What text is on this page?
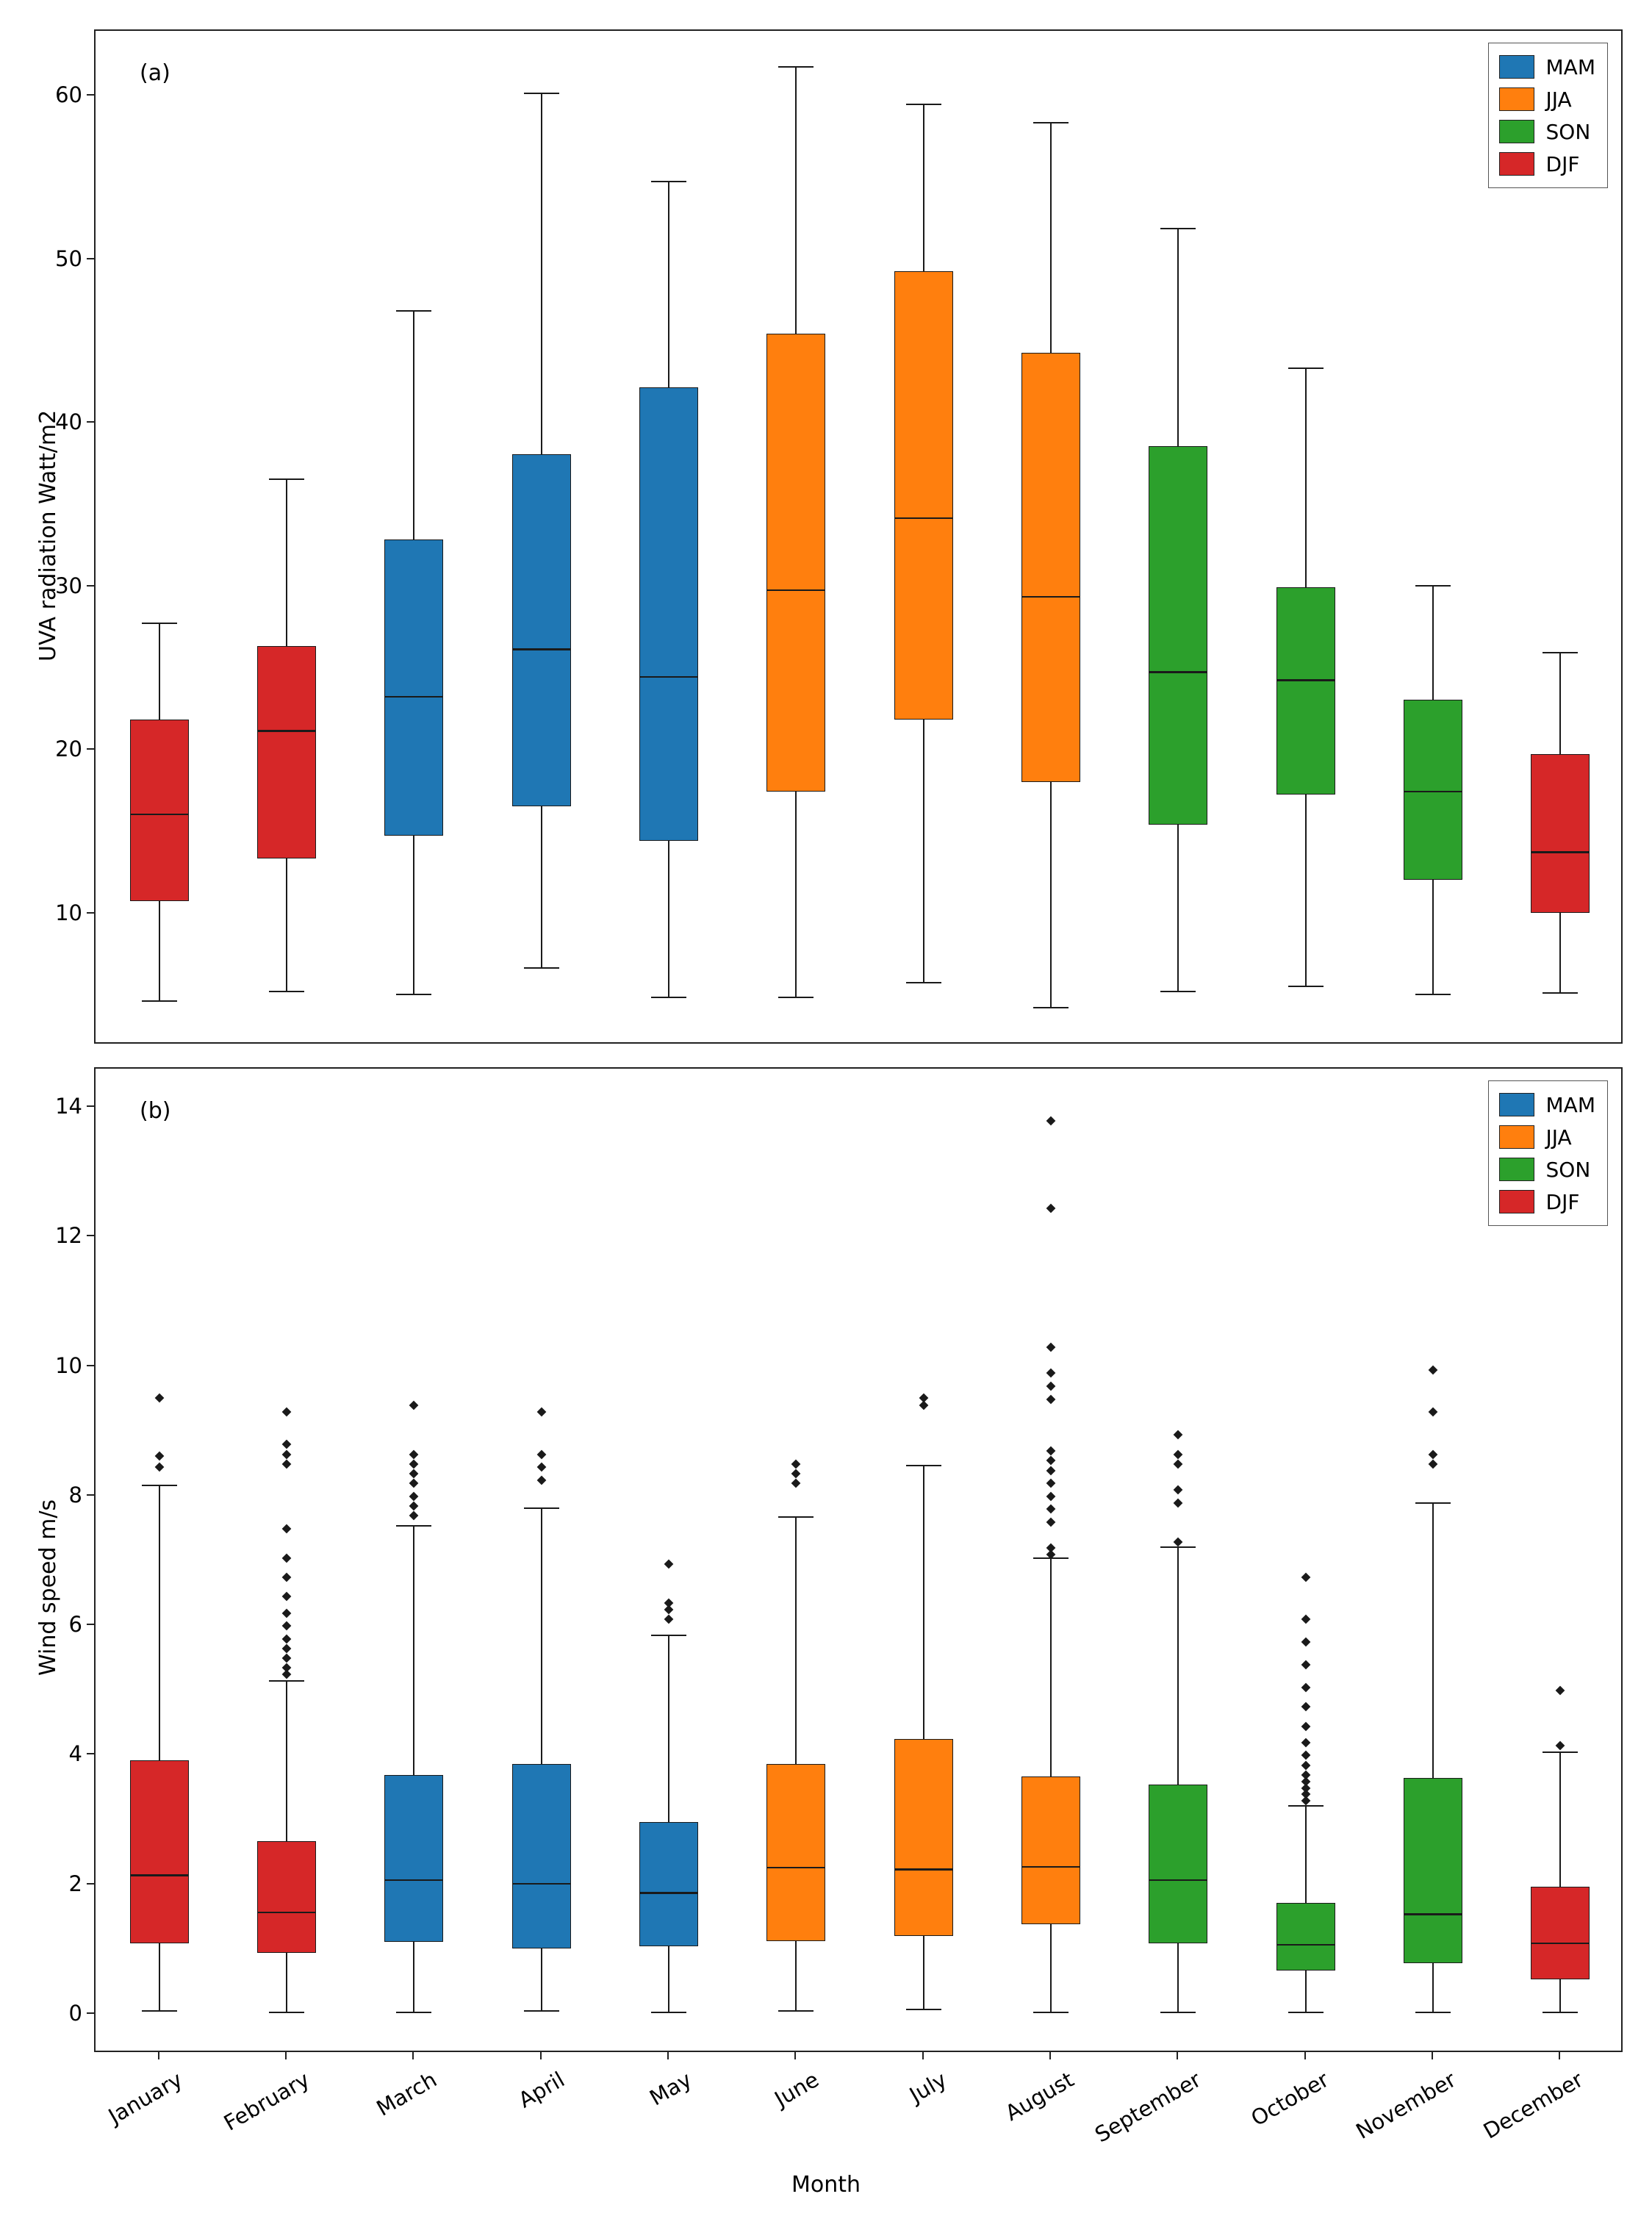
(a)	MAM
JJA
SON
DJF
UVA radiation Watt/m2
10
20
30
40
50
60
(b)	MAM
JJA
SON
DJF
Wind speed m/s
0
2
4
6
8
10
12
14
January	February	March	April	May	June	July	August September	October November December
Month
